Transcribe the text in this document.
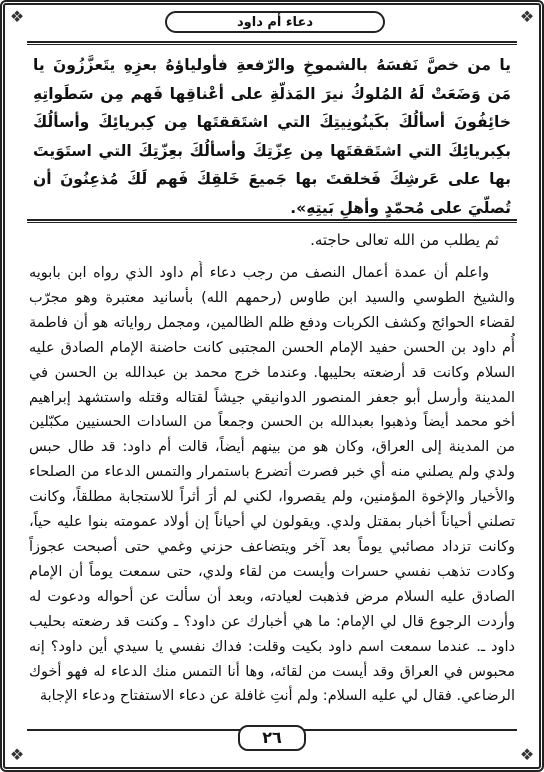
❖	❖
❖	❖
دعاء أم داود
يا من خصَّ نَفسَهُ بالشموخِ والرّفعةِ فأولياؤهُ بعزِهِ يتَعزَّزُونَ يا مَن وَضَعَتْ لَهُ المُلوكُ نيرَ المَذلّةِ على أعْناقِها فَهم مِن سَطَواتِهِ خائِفُونَ أسألُكَ بكَينُونِيتِكَ التي اشتَققتَها مِن كِبريائِكَ وأسألُكَ بكِبريائِكَ التي اشتَققتَها مِن عِزّتِكَ وأسألُكَ بعِزّتِكَ التي استَوَيتَ بها على عَرشِكَ فَخلقتَ بها جَميعَ خَلقِكَ فَهم لَكَ مُذعِنُونَ أن تُصلّيَ على مُحمّدٍ وأهلِ بَيتِهِ».
ثم يطلب من الله تعالى حاجته.

واعلم أن عمدة أعمال النصف من رجب دعاء أُم داود الذي رواه ابن بابويه والشيخ الطوسي والسيد ابن طاوس (رحمهم الله) بأسانيد معتبرة وهو مجرّب لقضاء الحوائج وكشف الكربات ودفع ظلم الظالمين، ومجمل رواياته هو أن فاطمة أُم داود بن الحسن حفيد الإمام الحسن المجتبى كانت حاضنة الإمام الصادق عليه السلام وكانت قد أرضعته بحليبها. وعندما خرج محمد بن عبدالله بن الحسن في المدينة وأرسل أبو جعفر المنصور الدوانيقي جيشاً لقتاله وقتله واستشهد إبراهيم أخو محمد أيضاً وذهبوا بعبدالله بن الحسن وجمعاً من السادات الحسنيين مكبّلين من المدينة إلى العراق، وكان هو من بينهم أيضاً، قالت أم داود: قد طال حبس ولدي ولم يصلني منه أي خبر فصرت أتضرع باستمرار والتمس الدعاء من الصلحاء والأخيار والإخوة المؤمنين، ولم يقصروا، لكني لم أرَ أثراً للاستجابة مطلقاً، وكانت تصلني أحياناً أخبار بمقتل ولدي. ويقولون لي أحياناً إن أولاد عمومته بنوا عليه حياً، وكانت تزداد مصائبي يوماً بعد آخر ويتضاعف حزني وغمي حتى أصبحت عجوزاً وكادت تذهب نفسي حسرات وأيست من لقاء ولدي، حتى سمعت يوماً أن الإمام الصادق عليه السلام مرض فذهبت لعيادته، وبعد أن سألت عن أحواله ودعوت له وأردت الرجوع قال لي الإمام: ما هي أخبارك عن داود؟ ـ وكنت قد رضعته بحليب داود ـ. عندما سمعت اسم داود بكيت وقلت: فداك نفسي يا سيدي أين داود؟ إنه محبوس في العراق وقد أيست من لقائه، وها أنا التمس منك الدعاء له فهو أخوك الرضاعي. فقال لي عليه السلام: ولم أنتِ غافلة عن دعاء الاستفتاح ودعاء الإجابة

٢٦
